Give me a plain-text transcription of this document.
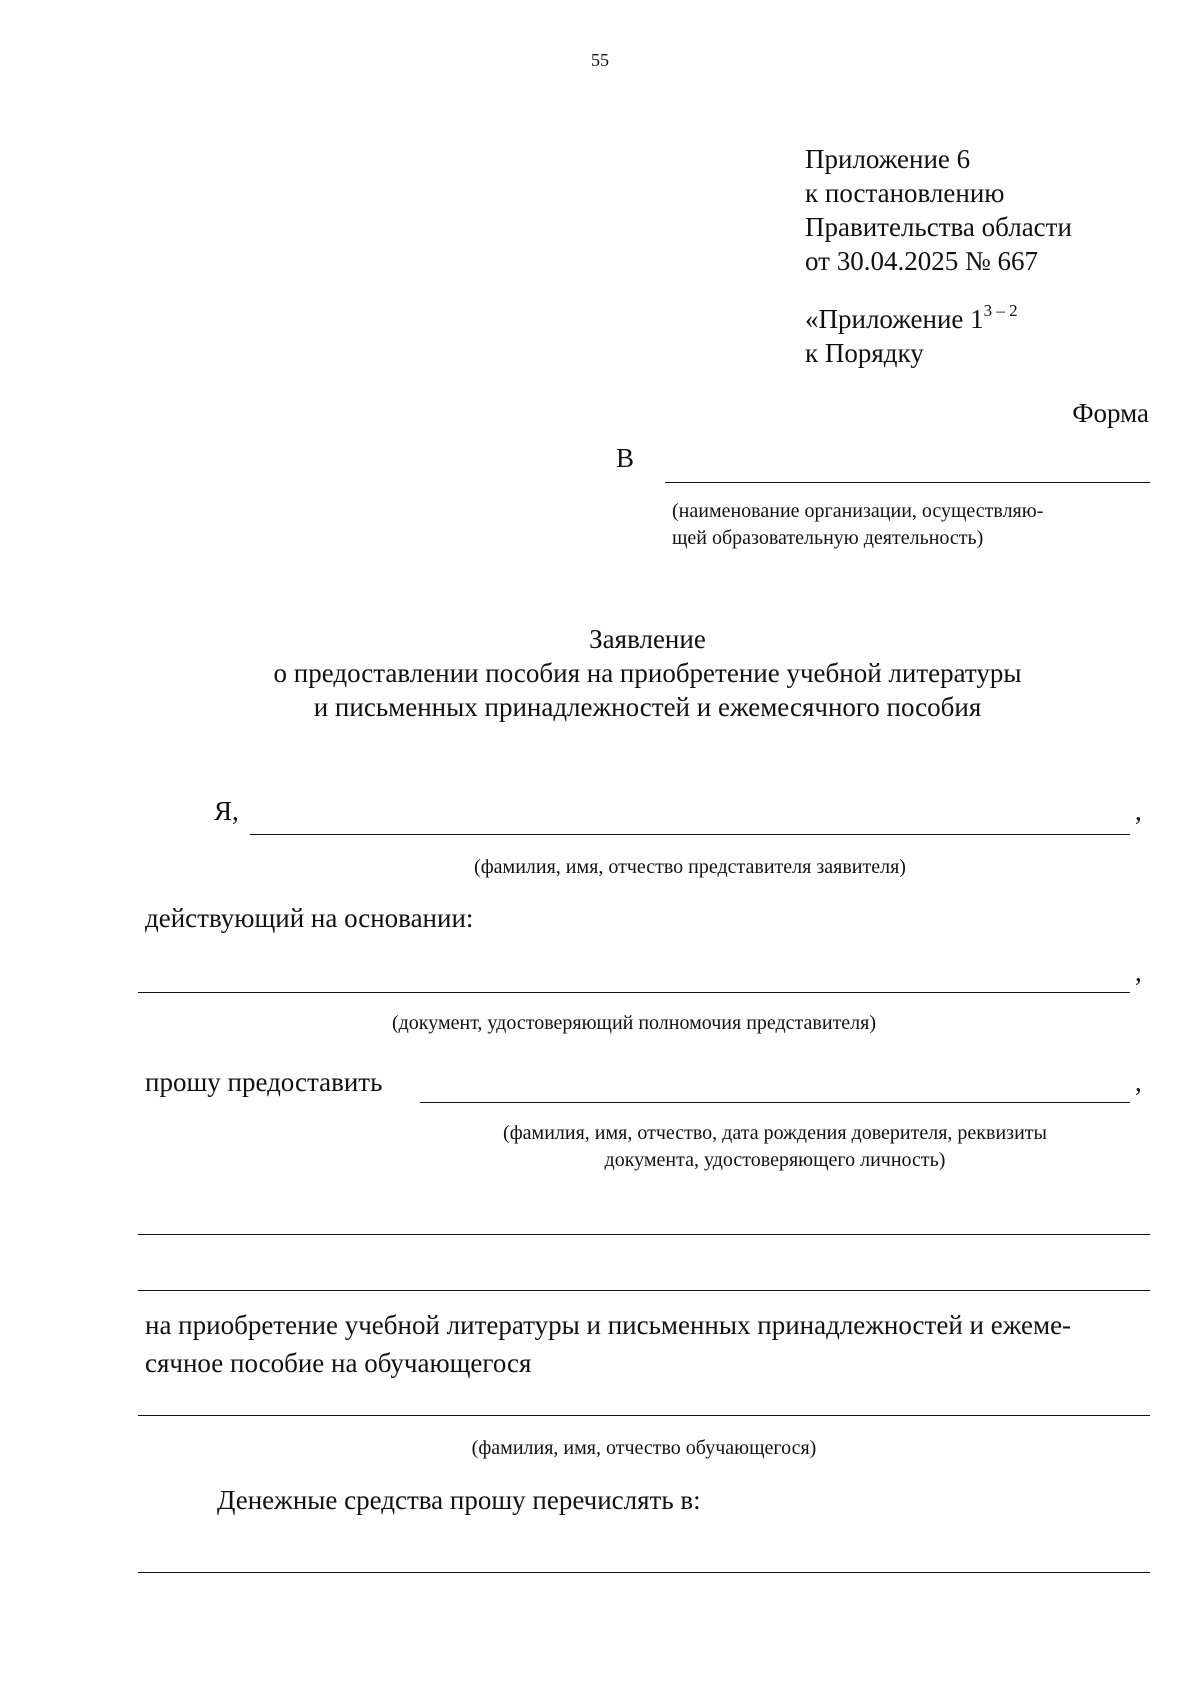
55
Приложение 6
к постановлению
Правительства области
от 30.04.2025 № 667
«Приложение 1$^{3 - 2}$
к Порядку
Форма
В
(наименование организации, осуществляю-
щей образовательную деятельность)
Заявление
о предоставлении пособия на приобретение учебной литературы
и письменных принадлежностей и ежемесячного пособия
Я,	,
(фамилия, имя, отчество представителя заявителя)
действующий на основании:
,
(документ, удостоверяющий полномочия представителя)
прошу предоставить	,
(фамилия, имя, отчество, дата рождения доверителя, реквизиты
документа, удостоверяющего личность)
на приобретение учебной литературы и письменных принадлежностей и ежеме-
сячное пособие на обучающегося
(фамилия, имя, отчество обучающегося)
Денежные средства прошу перечислять в:
